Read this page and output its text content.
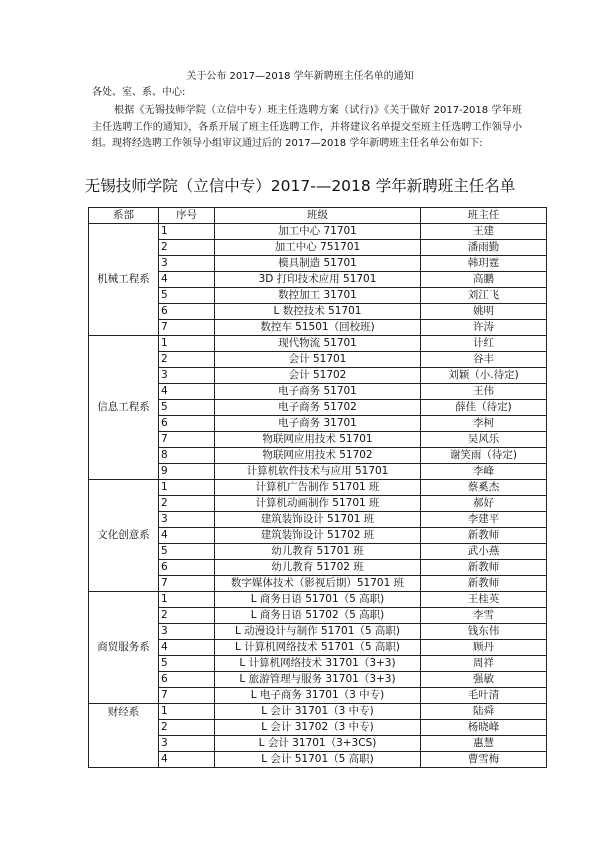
关于公布 2017—2018 学年新聘班主任名单的通知
各处、室、系、中心:
根据《无锡技师学院（立信中专）班主任选聘方案（试行)》《关于做好 2017-2018 学年班主任选聘工作的通知》，各系开展了班主任选聘工作，并将建议名单提交至班主任选聘工作领导小组。现将经选聘工作领导小组审议通过后的 2017—2018 学年新聘班主任名单公布如下:
无锡技师学院（立信中专）2017-—2018 学年新聘班主任名单
系部	序号	班级	班主任
机械工程系	1	加工中心 71701	王建
	2	加工中心 751701	潘雨勤
	3	模具制造 51701	韩玥霆
	4	3D 打印技术应用 51701	高鹏
	5	数控加工 31701	刘江飞
	6	L 数控技术 51701	姚明
	7	数控车 51501（回校班)	许涛
信息工程系	1	现代物流 51701	计红
	2	会计 51701	谷丰
	3	会计 51702	刘颖（小.待定)
	4	电子商务 51701	王伟
	5	电子商务 51702	薛佳（待定)
	6	电子商务 31701	李柯
	7	物联网应用技术 51701	吴风乐
	8	物联网应用技术 51702	谢笑雨（待定)
	9	计算机软件技术与应用 51701	李峰
文化创意系	1	计算机广告制作 51701 班	蔡奚杰
	2	计算机动画制作 51701 班	郝好
	3	建筑装饰设计 51701 班	李建平
	4	建筑装饰设计 51702 班	新教师
	5	幼儿教育 51701 班	武小燕
	6	幼儿教育 51702 班	新教师
	7	数字媒体技术（影视后期）51701 班	新教师
商贸服务系	1	L 商务日语 51701（5 高职)	王桂英
	2	L 商务日语 51702（5 高职)	李雪
	3	L 动漫设计与制作 51701（5 高职)	钱东伟
	4	L 计算机网络技术 51701（5 高职)	顾丹
	5	L 计算机网络技术 31701（3+3)	周祥
	6	L 旅游管理与服务 31701（3+3)	强敏
	7	L 电子商务 31701（3 中专)	毛叶清
财经系	1	L 会计 31701（3 中专)	陆舜
	2	L 会计 31702（3 中专)	杨晓峰
	3	L 会计 31701（3+3CS)	惠慧
	4	L 会计 51701（5 高职)	曹雪梅
